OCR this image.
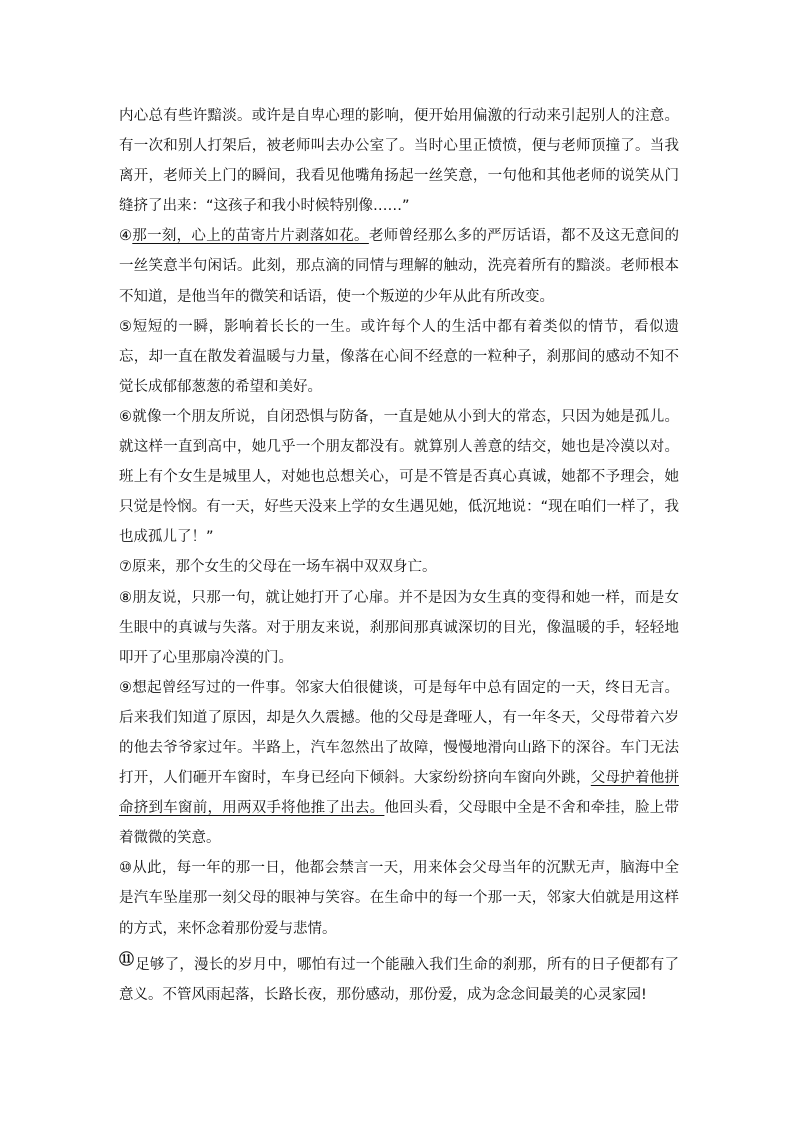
内心总有些许黯淡。或许是自卑心理的影响，便开始用偏激的行动来引起别人的注意。有一次和别人打架后，被老师叫去办公室了。当时心里正愤愤，便与老师顶撞了。当我离开，老师关上门的瞬间，我看见他嘴角扬起一丝笑意，一句他和其他老师的说笑从门缝挤了出来：“这孩子和我小时候特别像……”

④那一刻，心上的苗寄片片剥落如花。老师曾经那么多的严厉话语，都不及这无意间的一丝笑意半句闲话。此刻，那点滴的同情与理解的触动，洗亮着所有的黯淡。老师根本不知道，是他当年的微笑和话语，使一个叛逆的少年从此有所改变。

⑤短短的一瞬，影响着长长的一生。或许每个人的生活中都有着类似的情节，看似遗忘，却一直在散发着温暖与力量，像落在心间不经意的一粒种子，刹那间的感动不知不觉长成郁郁葱葱的希望和美好。

⑥就像一个朋友所说，自闭恐惧与防备，一直是她从小到大的常态，只因为她是孤儿。就这样一直到高中，她几乎一个朋友都没有。就算别人善意的结交，她也是冷漠以对。班上有个女生是城里人，对她也总想关心，可是不管是否真心真诚，她都不予理会，她只觉是怜悯。有一天，好些天没来上学的女生遇见她，低沉地说：“现在咱们一样了，我也成孤儿了！”

⑦原来，那个女生的父母在一场车祸中双双身亡。

⑧朋友说，只那一句，就让她打开了心扉。并不是因为女生真的变得和她一样，而是女生眼中的真诚与失落。对于朋友来说，刹那间那真诚深切的目光，像温暖的手，轻轻地叩开了心里那扇冷漠的门。

⑨想起曾经写过的一件事。邻家大伯很健谈，可是每年中总有固定的一天，终日无言。后来我们知道了原因，却是久久震撼。他的父母是聋哑人，有一年冬天，父母带着六岁的他去爷爷家过年。半路上，汽车忽然出了故障，慢慢地滑向山路下的深谷。车门无法打开，人们砸开车窗时，车身已经向下倾斜。大家纷纷挤向车窗向外跳，父母护着他拼命挤到车窗前，用两双手将他推了出去。他回头看，父母眼中全是不舍和牵挂，脸上带着微微的笑意。

⑩从此，每一年的那一日，他都会禁言一天，用来体会父母当年的沉默无声，脑海中全是汽车坠崖那一刻父母的眼神与笑容。在生命中的每一个那一天，邻家大伯就是用这样的方式，来怀念着那份爱与悲情。

⑪足够了，漫长的岁月中，哪怕有过一个能融入我们生命的刹那，所有的日子便都有了意义。不管风雨起落，长路长夜，那份感动，那份爱，成为念念间最美的心灵家园!
